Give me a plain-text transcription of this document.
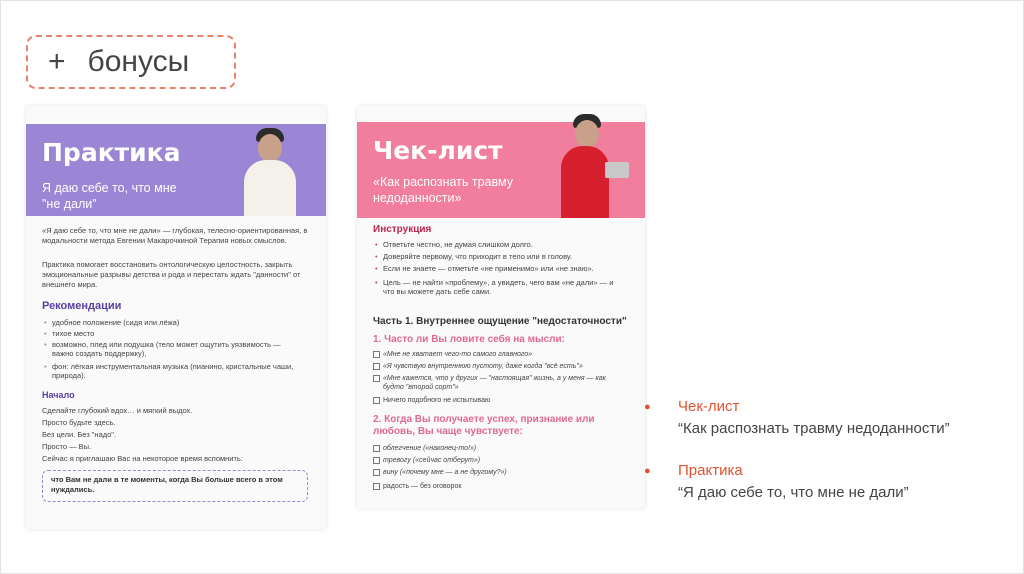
+ бонусы
Практика
Я даю себе то, что мне "не дали"
«Я даю себе то, что мне не дали» — глубокая, телесно-ориентированная, в модальности метода Евгении Макарочкиной Терапия новых смыслов.
Практика помогает восстановить онтологическую целостность, закрыть эмоциональные разрывы детства и рода и перестать ждать "данности" от внешнего мира.
Рекомендации
• удобное положение (сидя или лёжа)
• тихое место
• возможно, плед или подушка (тело может ощутить уязвимость — важно создать поддержку),
• фон: лёгкая инструментальная музыка (пианино, кристальные чаши, природа).
Начало
Сделайте глубокий вдох… и мягкий выдох.
Просто будьте здесь.
Без цели. Без "надо".
Просто — Вы.
Сейчас я приглашаю Вас на некоторое время вспомнить:
что Вам не дали в те моменты, когда Вы больше всего в этом нуждались.
Чек-лист
«Как распознать травму недоданности»
Инструкция
• Ответьте честно, не думая слишком долго.
• Доверяйте первому, что приходит в тело или в голову.
• Если не знаете — отметьте «не применимо» или «не знаю».
• Цель — не найти «проблему», а увидеть, чего вам «не дали» — и что вы можете дать себе сами.
Часть 1. Внутреннее ощущение "недостаточности"
1. Часто ли Вы ловите себя на мысли:
«Мне не хватает чего-то самого главного»
«Я чувствую внутреннюю пустоту, даже когда "всё есть"»
«Мне кажется, что у других — "настоящая" жизнь, а у меня — как будто "второй сорт"»
Ничего подобного не испытываю
2. Когда Вы получаете успех, признание или любовь, Вы чаще чувствуете:
облегчение («наконец-то!»)
тревогу («сейчас отберут»)
вину («почему мне — а не другому?»)
радость — без оговорок
● Чек-лист
“Как распознать травму недоданности”
● Практика
“Я даю себе то, что мне не дали”
